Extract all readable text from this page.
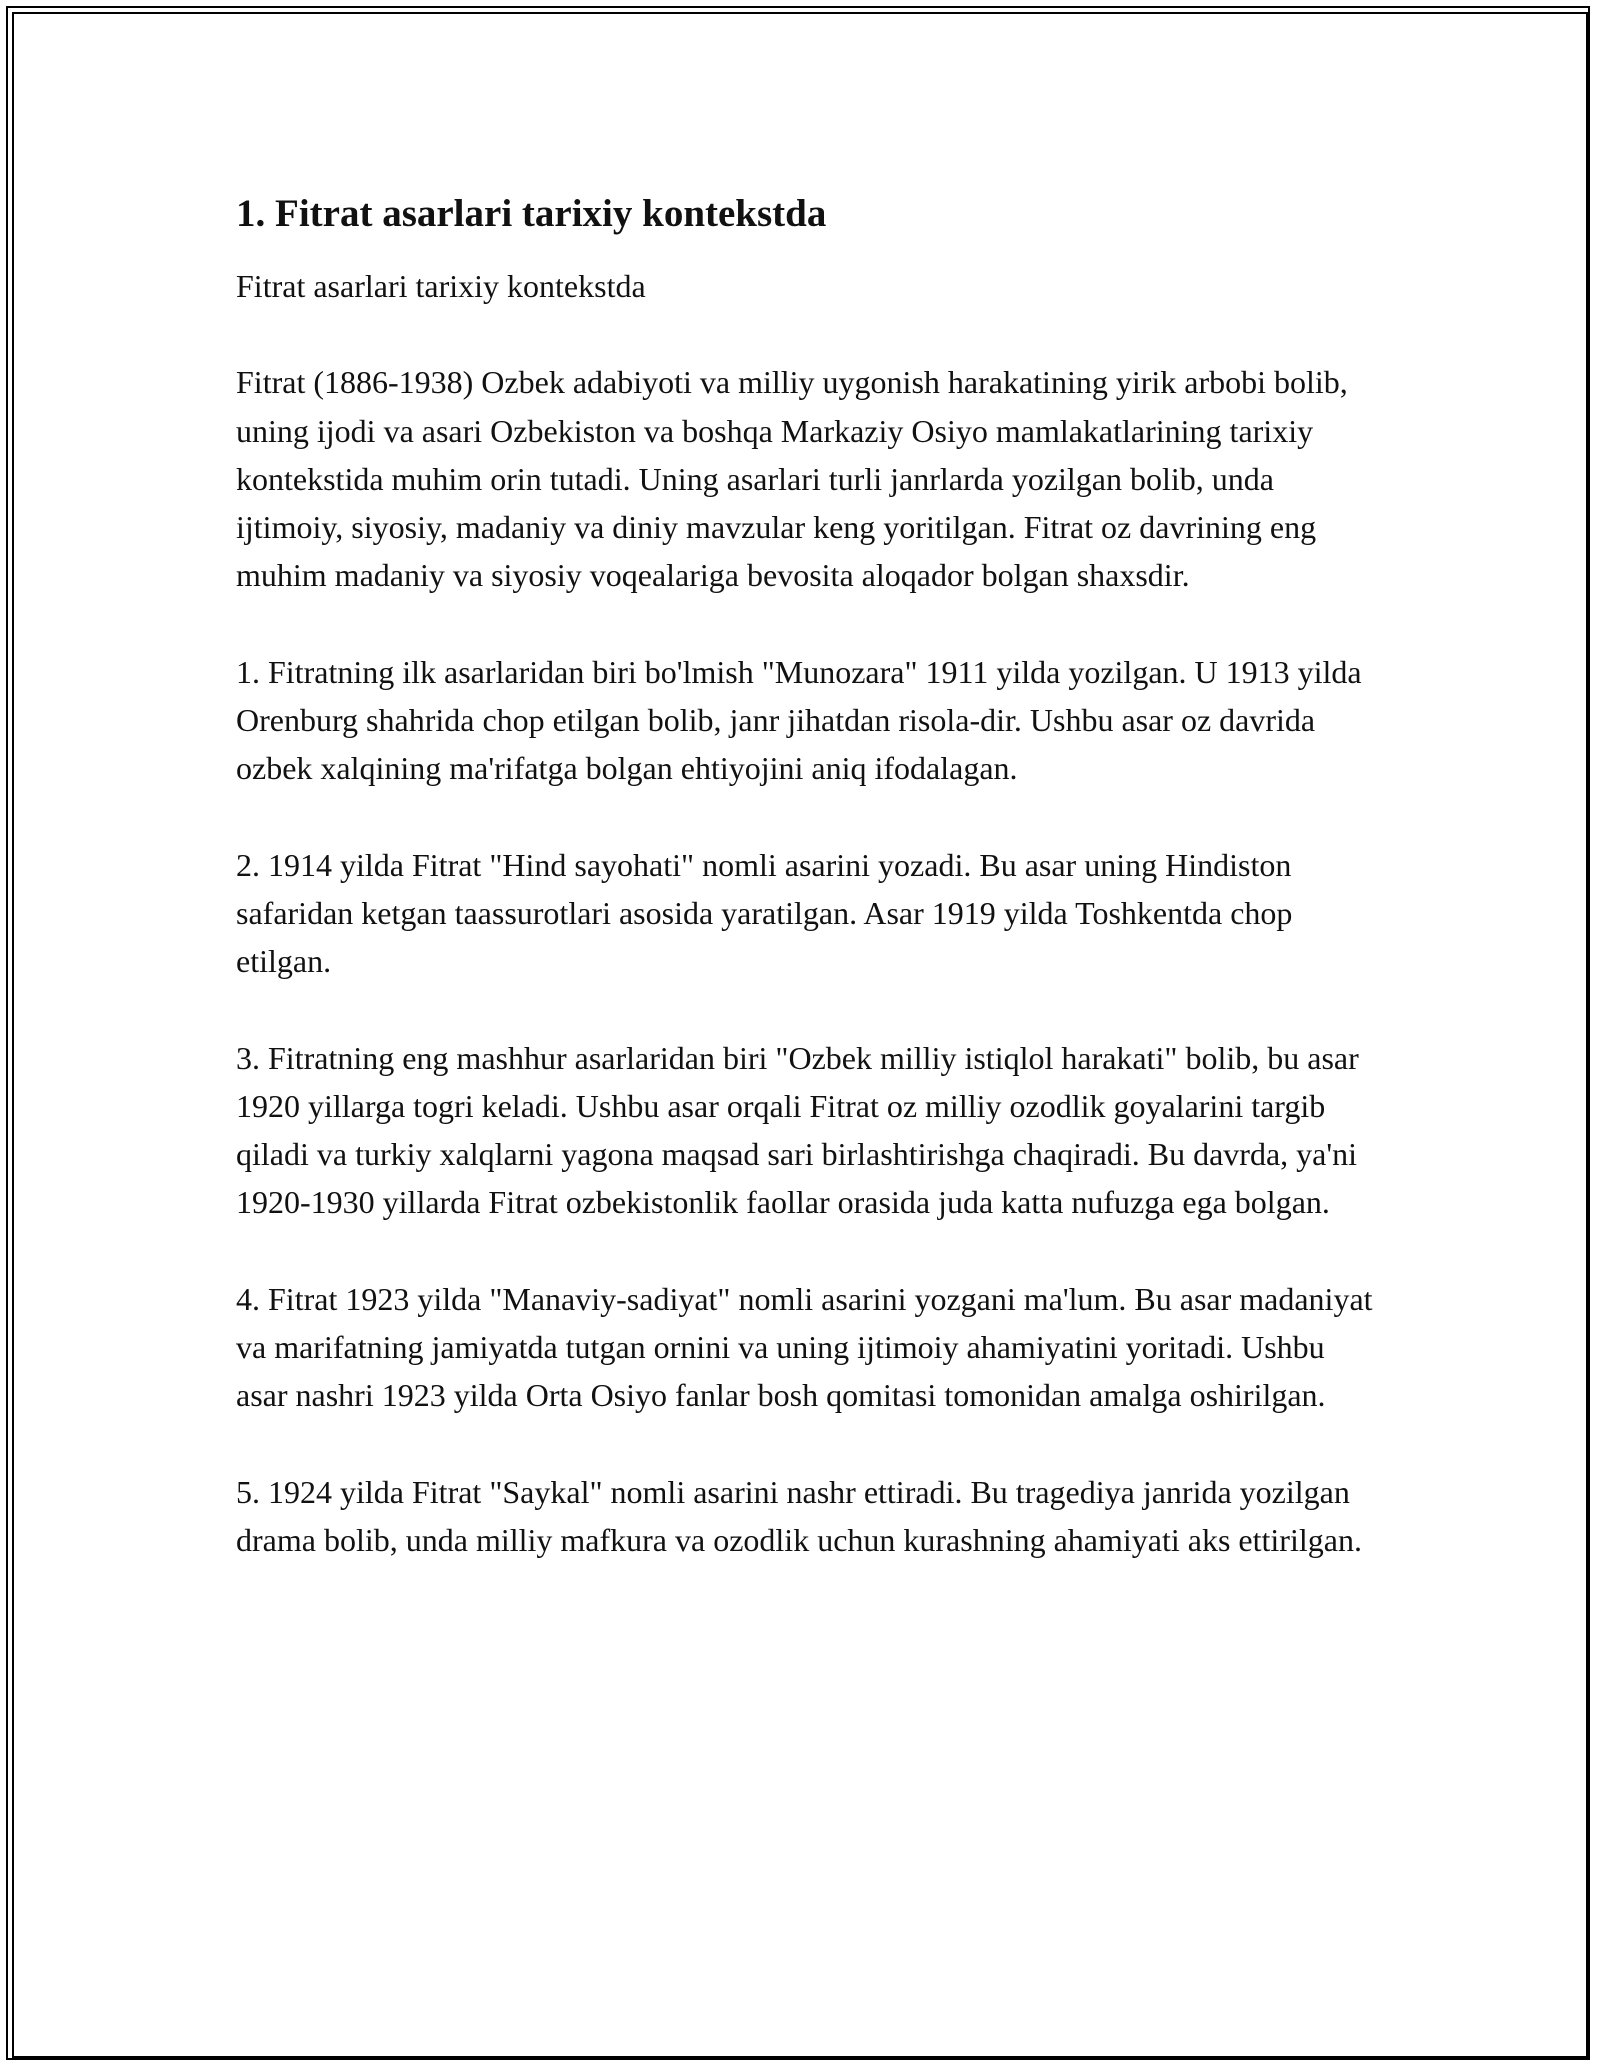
1. Fitrat asarlari tarixiy kontekstda

Fitrat asarlari tarixiy kontekstda

Fitrat (1886-1938) Ozbek adabiyoti va milliy uygonish harakatining yirik arbobi bolib, uning ijodi va asari Ozbekiston va boshqa Markaziy Osiyo mamlakatlarining tarixiy kontekstida muhim orin tutadi. Uning asarlari turli janrlarda yozilgan bolib, unda ijtimoiy, siyosiy, madaniy va diniy mavzular keng yoritilgan. Fitrat oz davrining eng muhim madaniy va siyosiy voqealariga bevosita aloqador bolgan shaxsdir.

1. Fitratning ilk asarlaridan biri bo'lmish "Munozara" 1911 yilda yozilgan. U 1913 yilda Orenburg shahrida chop etilgan bolib, janr jihatdan risola-dir. Ushbu asar oz davrida ozbek xalqining ma'rifatga bolgan ehtiyojini aniq ifodalagan.

2. 1914 yilda Fitrat "Hind sayohati" nomli asarini yozadi. Bu asar uning Hindiston safaridan ketgan taassurotlari asosida yaratilgan. Asar 1919 yilda Toshkentda chop etilgan.

3. Fitratning eng mashhur asarlaridan biri "Ozbek milliy istiqlol harakati" bolib, bu asar 1920 yillarga togri keladi. Ushbu asar orqali Fitrat oz milliy ozodlik goyalarini targib qiladi va turkiy xalqlarni yagona maqsad sari birlashtirishga chaqiradi. Bu davrda, ya'ni 1920-1930 yillarda Fitrat ozbekistonlik faollar orasida juda katta nufuzga ega bolgan.

4. Fitrat 1923 yilda "Manaviy-sadiyat" nomli asarini yozgani ma'lum. Bu asar madaniyat va marifatning jamiyatda tutgan ornini va uning ijtimoiy ahamiyatini yoritadi. Ushbu asar nashri 1923 yilda Orta Osiyo fanlar bosh qomitasi tomonidan amalga oshirilgan.

5. 1924 yilda Fitrat "Saykal" nomli asarini nashr ettiradi. Bu tragediya janrida yozilgan drama bolib, unda milliy mafkura va ozodlik uchun kurashning ahamiyati aks ettirilgan.
